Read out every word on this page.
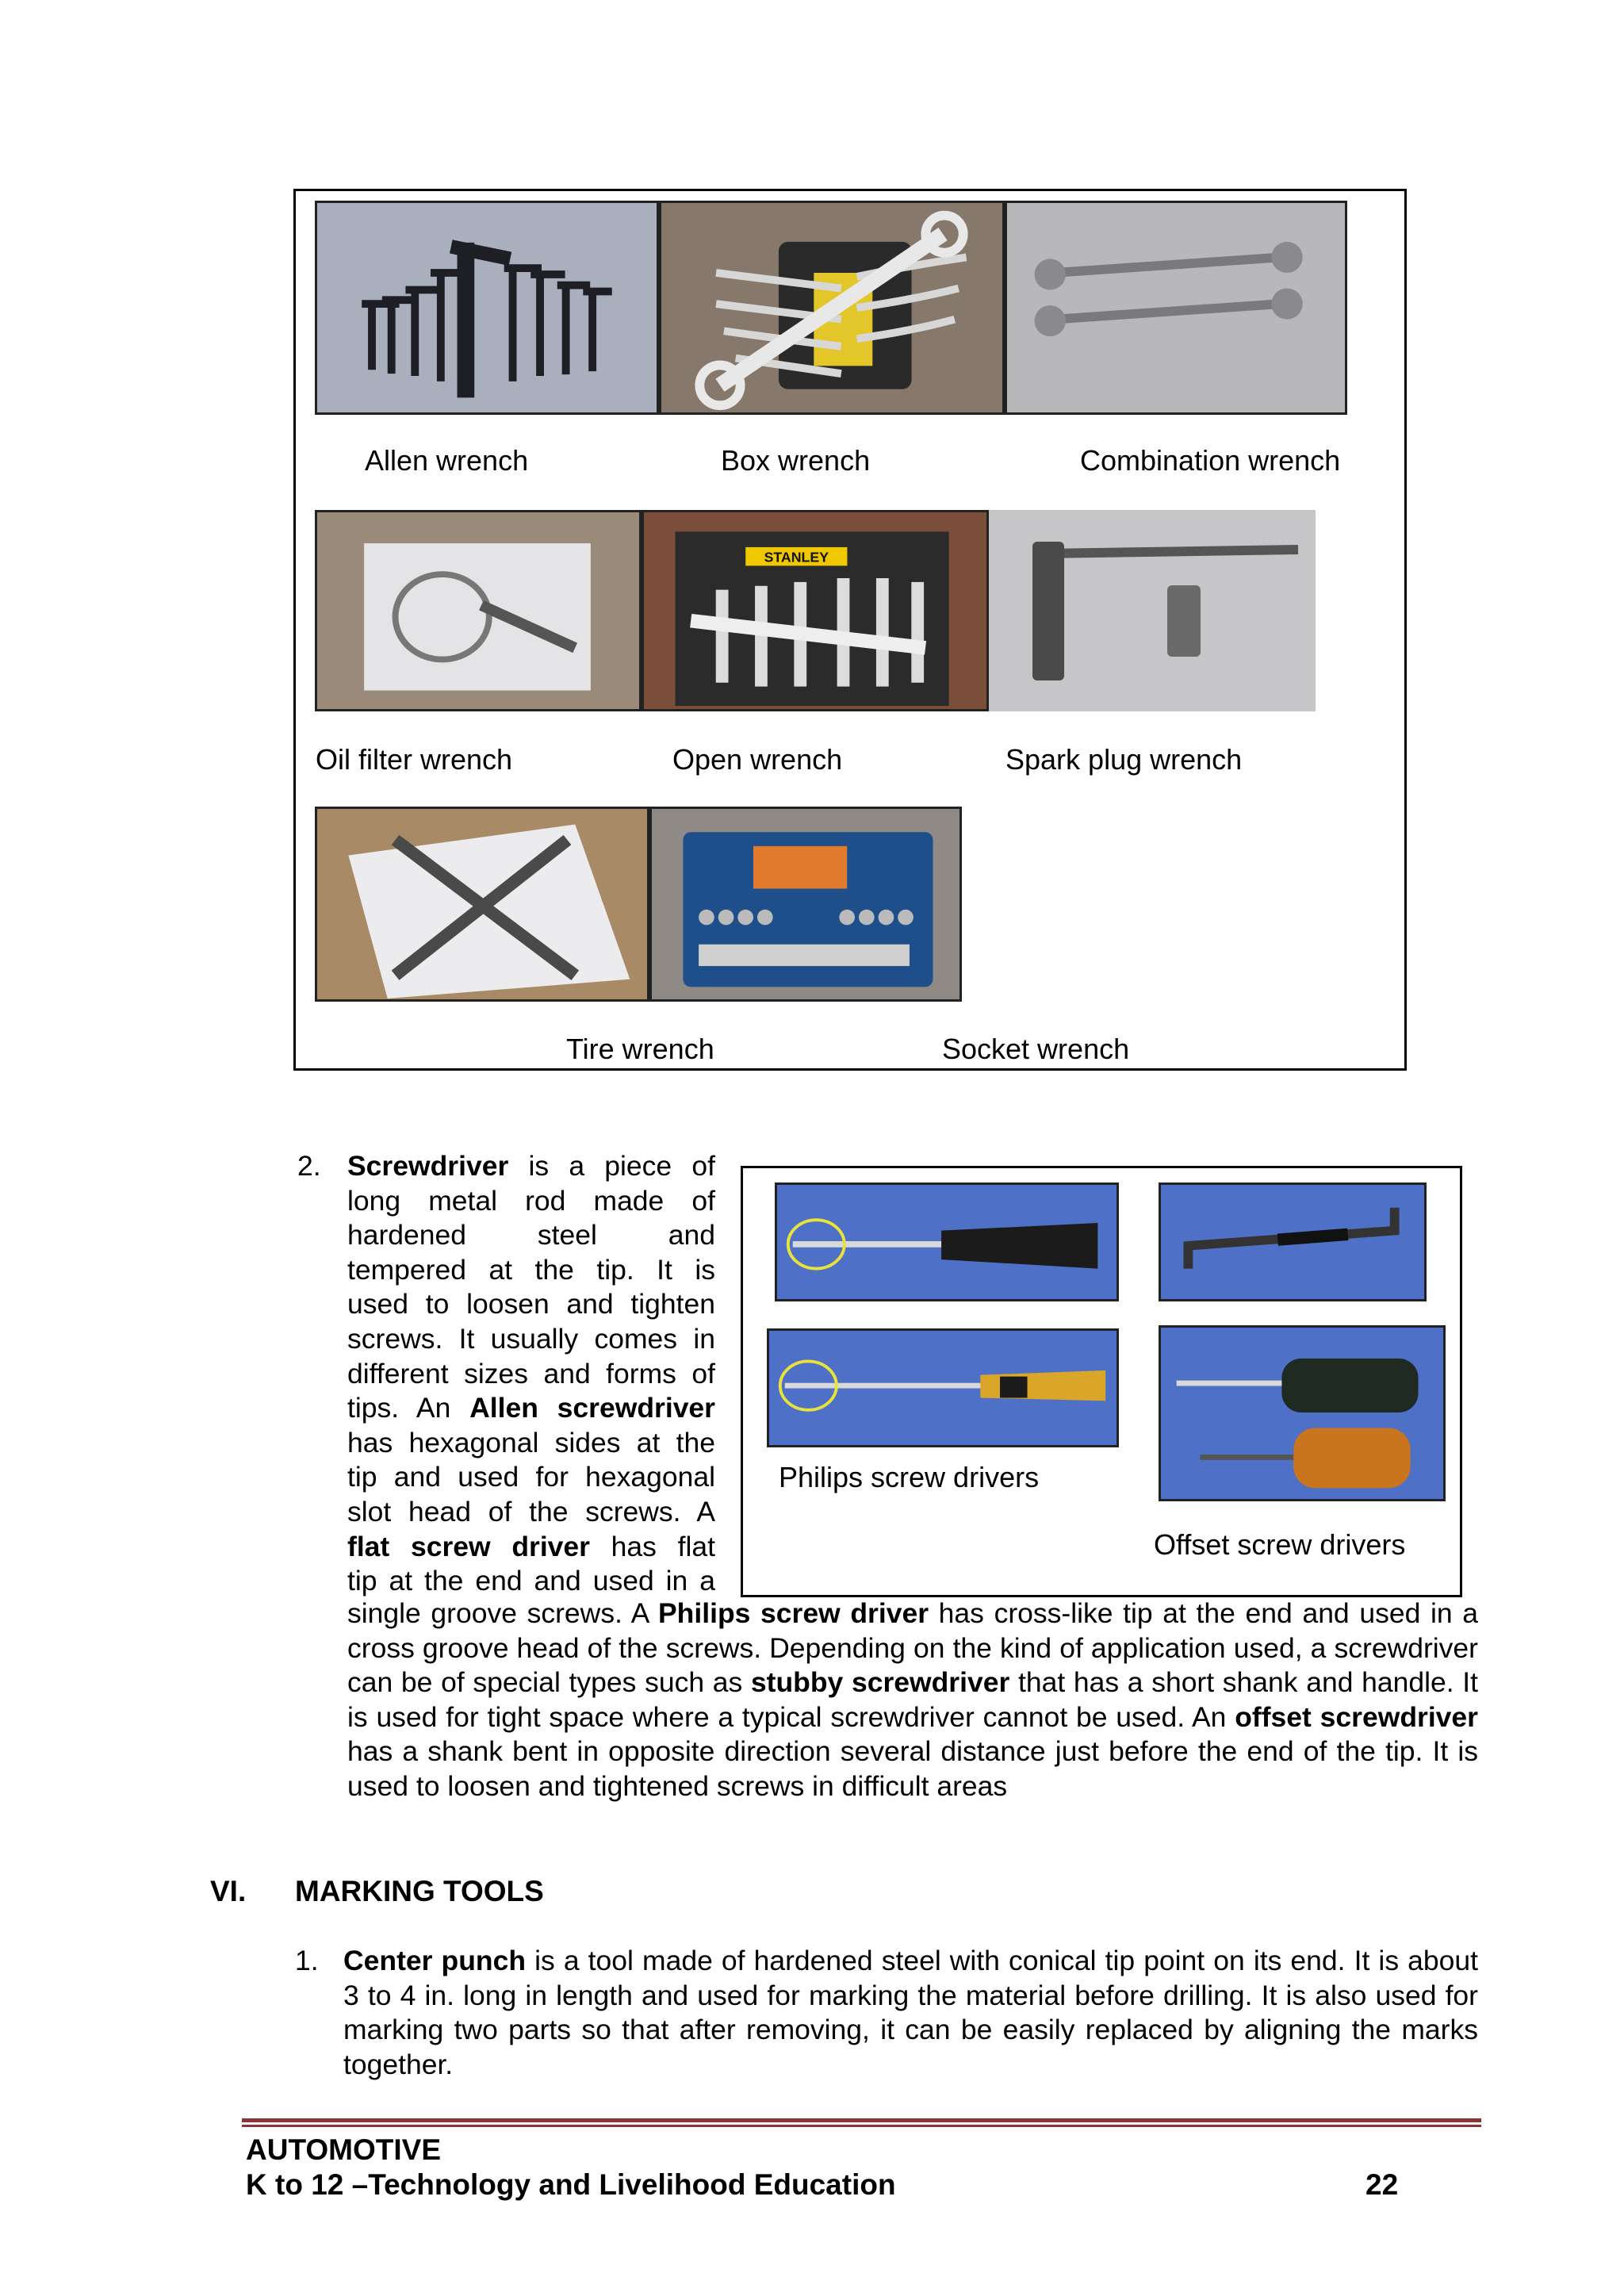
Allen wrench	Box wrench	Combination wrench
STANLEY
Oil filter wrench	Open wrench	Spark plug wrench
Tire wrench	Socket wrench
2. Screwdriver is a piece of
long metal rod made of
hardened steel and
tempered at the tip. It is
used to loosen and tighten
screws. It usually comes in
different sizes and forms of
tips. An Allen screwdriver
has hexagonal sides at the
tip and used for hexagonal
slot head of the screws. A
flat screw driver has flat
tip at the end and used in a
Philips screw drivers
Offset screw drivers
single groove screws. A Philips screw driver has cross-like tip at the end and used in a cross groove head of the screws. Depending on the kind of application used, a screwdriver can be of special types such as stubby screwdriver that has a short shank and handle. It is used for tight space where a typical screwdriver cannot be used. An offset screwdriver has a shank bent in opposite direction several distance just before the end of the tip. It is used to loosen and tightened screws in difficult areas
VI. MARKING TOOLS
1. Center punch is a tool made of hardened steel with conical tip point on its end. It is about 3 to 4 in. long in length and used for marking the material before drilling. It is also used for marking two parts so that after removing, it can be easily replaced by aligning the marks together.
AUTOMOTIVE
K to 12 –Technology and Livelihood Education	22
